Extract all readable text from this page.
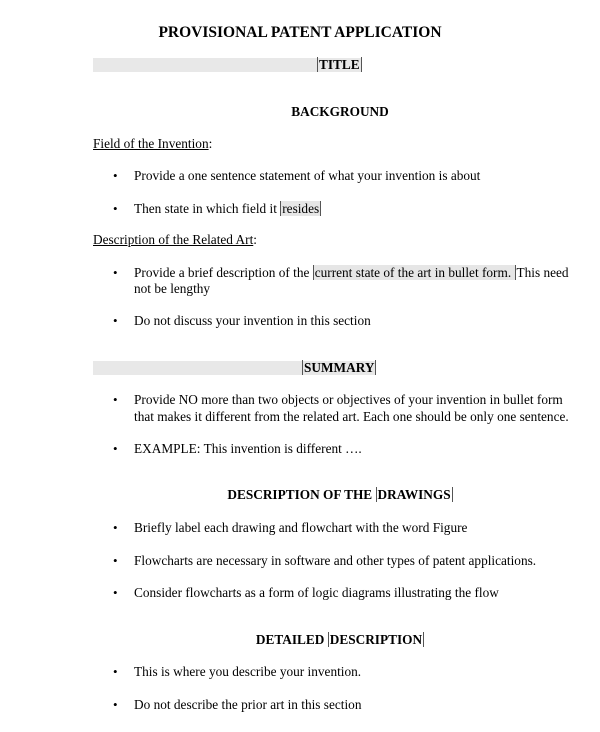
PROVISIONAL PATENT APPLICATION
TITLE
BACKGROUND
Field of the Invention:
• Provide a one sentence statement of what your invention is about
• Then state in which field it resides
Description of the Related Art:
• Provide a brief description of the current state of the art in bullet form. This need
not be lengthy
• Do not discuss your invention in this section
SUMMARY
• Provide NO more than two objects or objectives of your invention in bullet form
that makes it different from the related art. Each one should be only one sentence.
• EXAMPLE: This invention is different ….
DESCRIPTION OF THE DRAWINGS
• Briefly label each drawing and flowchart with the word Figure
• Flowcharts are necessary in software and other types of patent applications.
• Consider flowcharts as a form of logic diagrams illustrating the flow
DETAILED DESCRIPTION
• This is where you describe your invention.
• Do not describe the prior art in this section
